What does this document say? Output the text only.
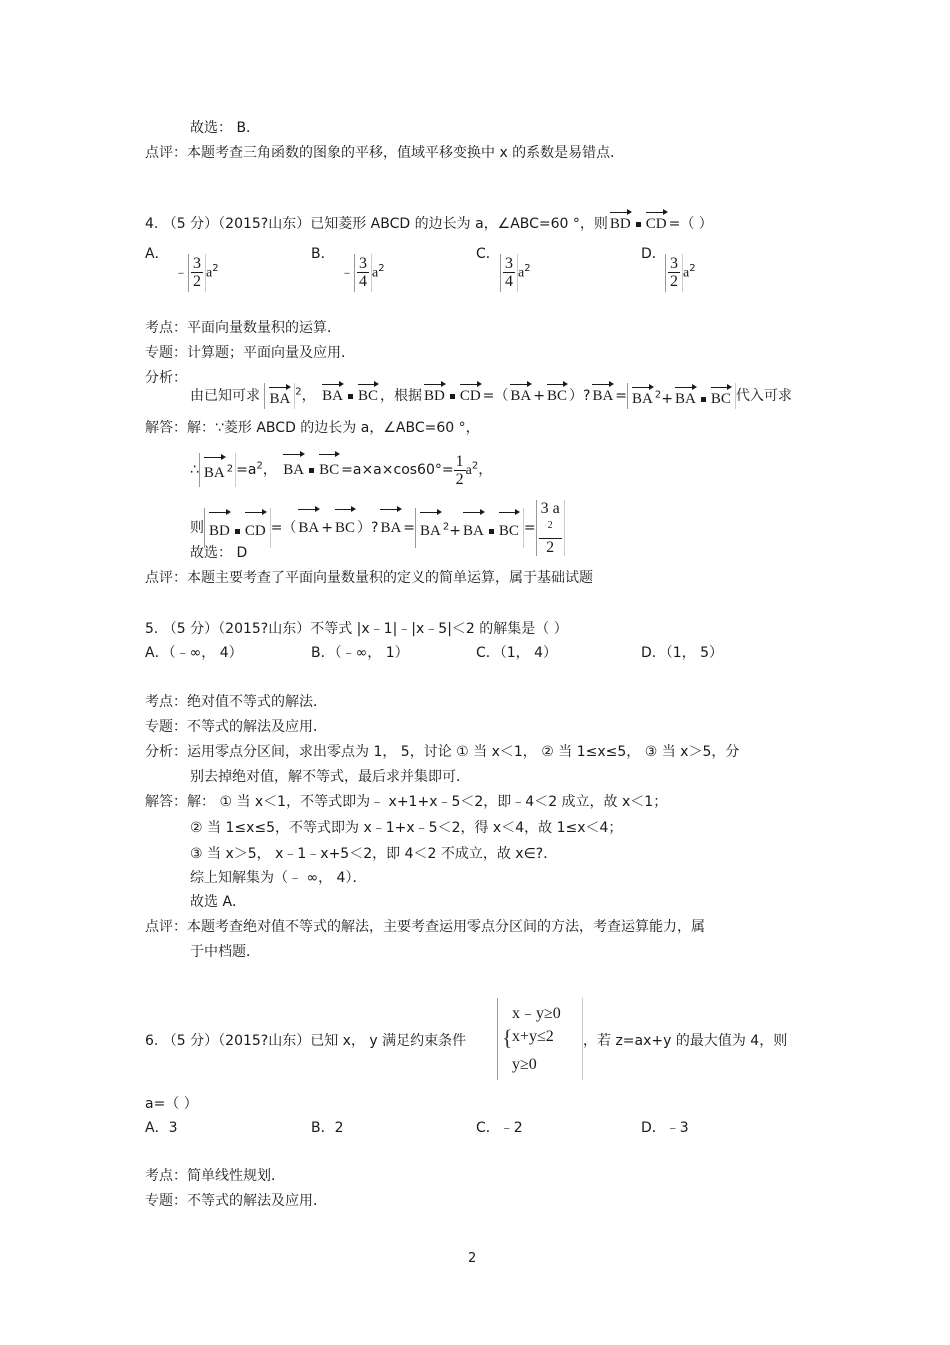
故选： B．
点评：本题考查三角函数的图象的平移，值域平移变换中 x 的系数是易错点．
4. （5 分）（2015?山东）已知菱形 ABCD 的边长为 a，∠ABC=60 °，则 BD CD =（ ）
A．
﹣ $\frac{3}{2} a^2$
B．
﹣ $\frac{3}{4} a^2$
C．
$\frac{3}{4} a^2$
D．
$\frac{3}{2} a^2$
考点：平面向量数量积的运算．
专题：计算题；平面向量及应用．
分析：
由已知可求 BA $^2$， BA BC ，根据 BD CD =（ BA + BC ）? BA = BA $^2$+ BA BC 代入可求
解答：解：∵菱形 ABCD 的边长为 a，∠ABC=60 °，
∴ BA $^2 =a^2$， BA BC $=a\times a\times\cos 60^\circ= \frac{1}{2} a^2$，
则 BD CD =（ BA + BC ）? BA = BA $^2$+ BA BC = 3 a
$^2$
2
故选： D
点评：本题主要考查了平面向量数量积的定义的简单运算，属于基础试题
5. （5 分）（2015?山东）不等式 |x﹣1|﹣|x﹣5|＜2 的解集是（ ）
A．（﹣∞， 4）	B．（﹣∞， 1）	C．（1， 4）	D．（1， 5）
考点：绝对值不等式的解法．
专题：不等式的解法及应用．
分析：运用零点分区间，求出零点为 1， 5，讨论 ① 当 x＜1， ② 当 1≤x≤5， ③ 当 x＞5，分
别去掉绝对值，解不等式，最后求并集即可．
解答：解： ① 当 x＜1，不等式即为﹣ x+1+x﹣5＜2，即﹣4＜2 成立，故 x＜1；
② 当 1≤x≤5，不等式即为 x﹣1+x﹣5＜2，得 x＜4，故 1≤x＜4；
③ 当 x＞5， x﹣1﹣x+5＜2，即 4＜2 不成立，故 x∈?．
综上知解集为（﹣ ∞， 4）．
故选 A．
点评：本题考查绝对值不等式的解法，主要考查运用零点分区间的方法，考查运算能力，属
于中档题．
6. （5 分）（2015?山东）已知 x， y 满足约束条件 {
x﹣y≥0
x+y≤2
y≥0
，若 z=ax+y 的最大值为 4，则
a=（ ）
A．3	B．2	C．﹣2	D．﹣3
考点：简单线性规划．
专题：不等式的解法及应用．
2
